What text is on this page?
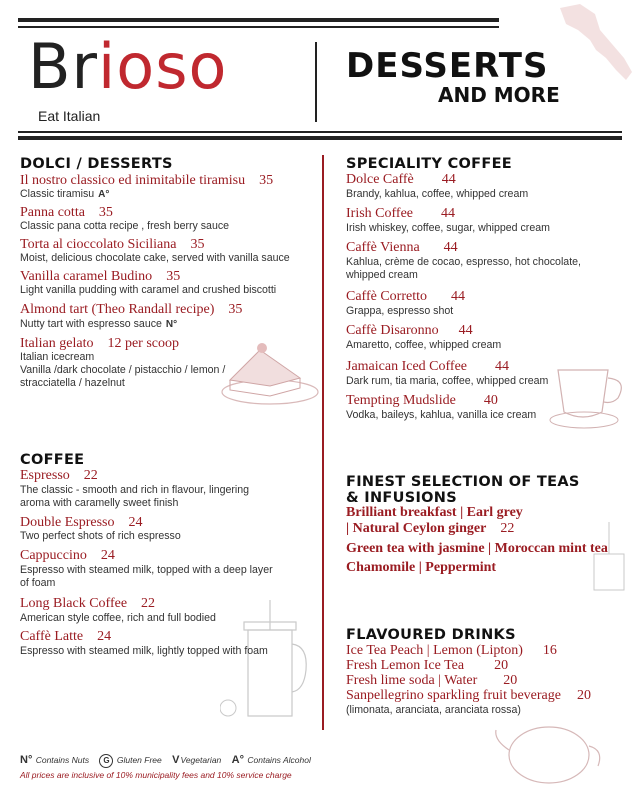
Brioso
Eat Italian
DESSERTS
AND MORE
DOLCI / DESSERTS
Il nostro classico ed inimitabile tiramisu 35
Classic tiramisu A°
Panna cotta 35
Classic pana cotta recipe , fresh berry sauce
Torta al cioccolato Siciliana 35
Moist, delicious chocolate cake, served with vanilla sauce
Vanilla caramel Budino 35
Light vanilla pudding with caramel and crushed biscotti
Almond tart (Theo Randall recipe) 35
Nutty tart with espresso sauce N°
Italian gelato 12 per scoop
Italian icecream
Vanilla /dark chocolate / pistacchio / lemon /
stracciatella / hazelnut
COFFEE
Espresso 22
The classic - smooth and rich in flavour, lingering
aroma with caramelly sweet finish
Double Espresso 24
Two perfect shots of rich espresso
Cappuccino 24
Espresso with steamed milk, topped with a deep layer
of foam
Long Black Coffee 22
American style coffee, rich and full bodied
Caffè Latte 24
Espresso with steamed milk, lightly topped with foam
SPECIALITY COFFEE
Dolce Caffè 44
Brandy, kahlua, coffee, whipped cream
Irish Coffee 44
Irish whiskey, coffee, sugar, whipped cream
Caffè Vienna 44
Kahlua, crème de cocao, espresso, hot chocolate,
whipped cream
Caffè Corretto 44
Grappa, espresso shot
Caffè Disaronno 44
Amaretto, coffee, whipped cream
Jamaican Iced Coffee 44
Dark rum, tia maria, coffee, whipped cream
Tempting Mudslide 40
Vodka, baileys, kahlua, vanilla ice cream
FINEST SELECTION OF TEAS
& INFUSIONS
Brilliant breakfast | Earl grey
| Natural Ceylon ginger 22
Green tea with jasmine | Moroccan mint tea
Chamomile | Peppermint
FLAVOURED DRINKS
Ice Tea Peach | Lemon (Lipton) 16
Fresh Lemon Ice Tea 20
Fresh lime soda | Water 20
Sanpellegrino sparkling fruit beverage 20
(limonata, aranciata, aranciata rossa)
N° Contains Nuts G Gluten Free VVegetarian A° Contains Alcohol
All prices are inclusive of 10% municipality fees and 10% service charge
